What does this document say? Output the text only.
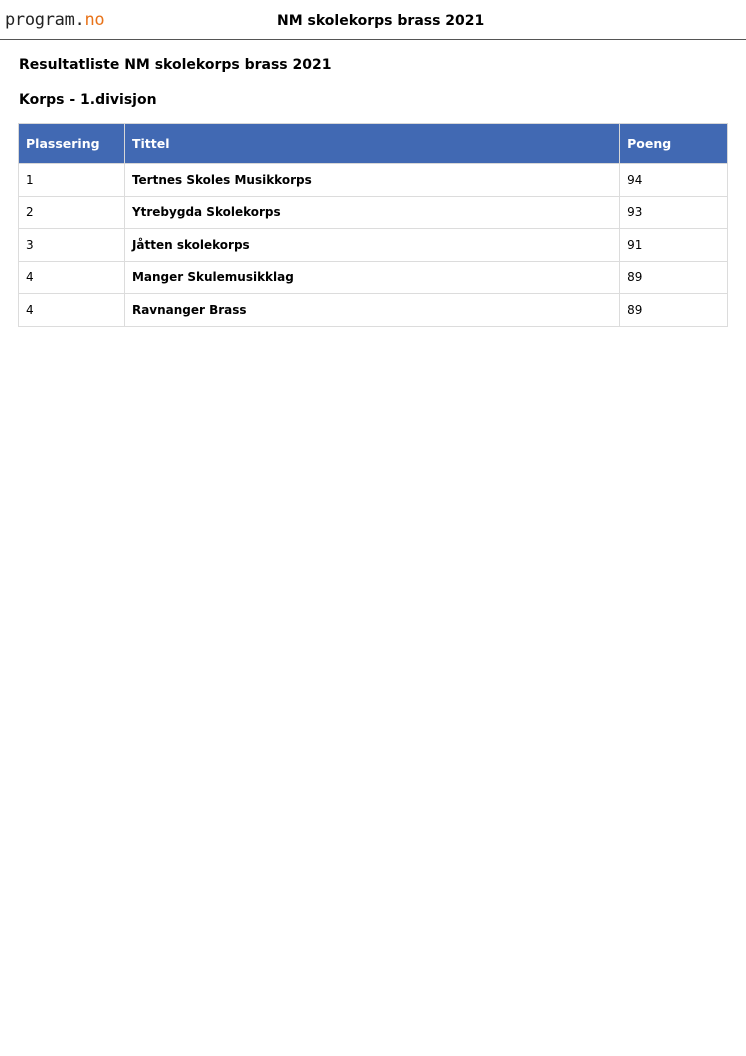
program.no	NM skolekorps brass 2021
Resultatliste NM skolekorps brass 2021
Korps - 1.divisjon
Plassering	Tittel	Poeng
1	Tertnes Skoles Musikkorps	94
2	Ytrebygda Skolekorps	93
3	Jåtten skolekorps	91
4	Manger Skulemusikklag	89
4	Ravnanger Brass	89
